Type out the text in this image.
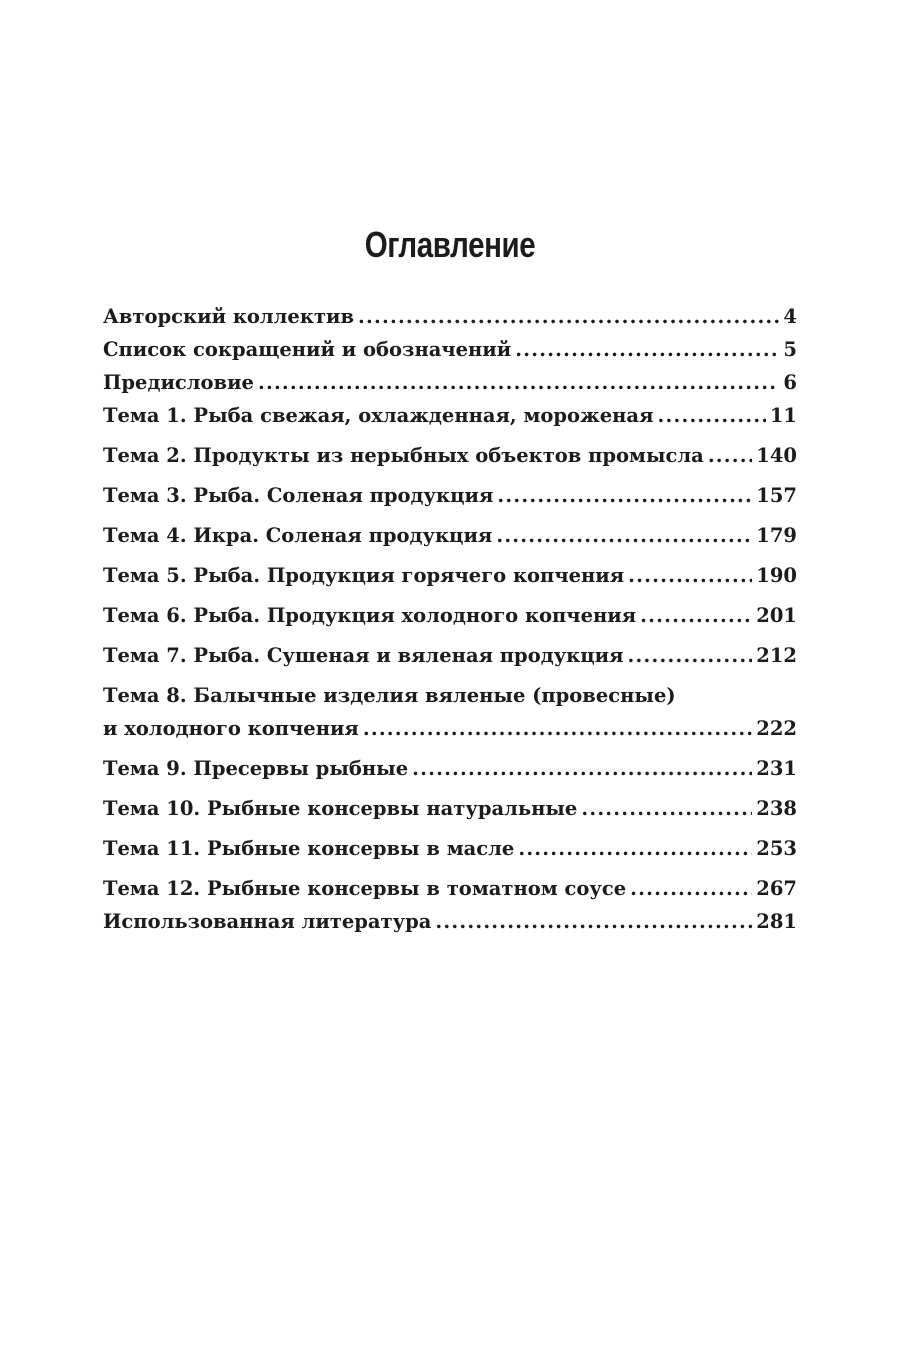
Оглавление
Авторский коллектив .....	4
Список сокращений и обозначений .....	5
Предисловие .....	6
Тема 1. Рыба свежая, охлажденная, мороженая .....	11
Тема 2. Продукты из нерыбных объектов промысла .....	140
Тема 3. Рыба. Соленая продукция .....	157
Тема 4. Икра. Соленая продукция .....	179
Тема 5. Рыба. Продукция горячего копчения .....	190
Тема 6. Рыба. Продукция холодного копчения .....	201
Тема 7. Рыба. Сушеная и вяленая продукция .....	212
Тема 8. Балычные изделия вяленые (провесные)
и холодного копчения .....	222
Тема 9. Пресервы рыбные .....	231
Тема 10. Рыбные консервы натуральные .....	238
Тема 11. Рыбные консервы в масле .....	253
Тема 12. Рыбные консервы в томатном соусе .....	267
Использованная литература .....	281
